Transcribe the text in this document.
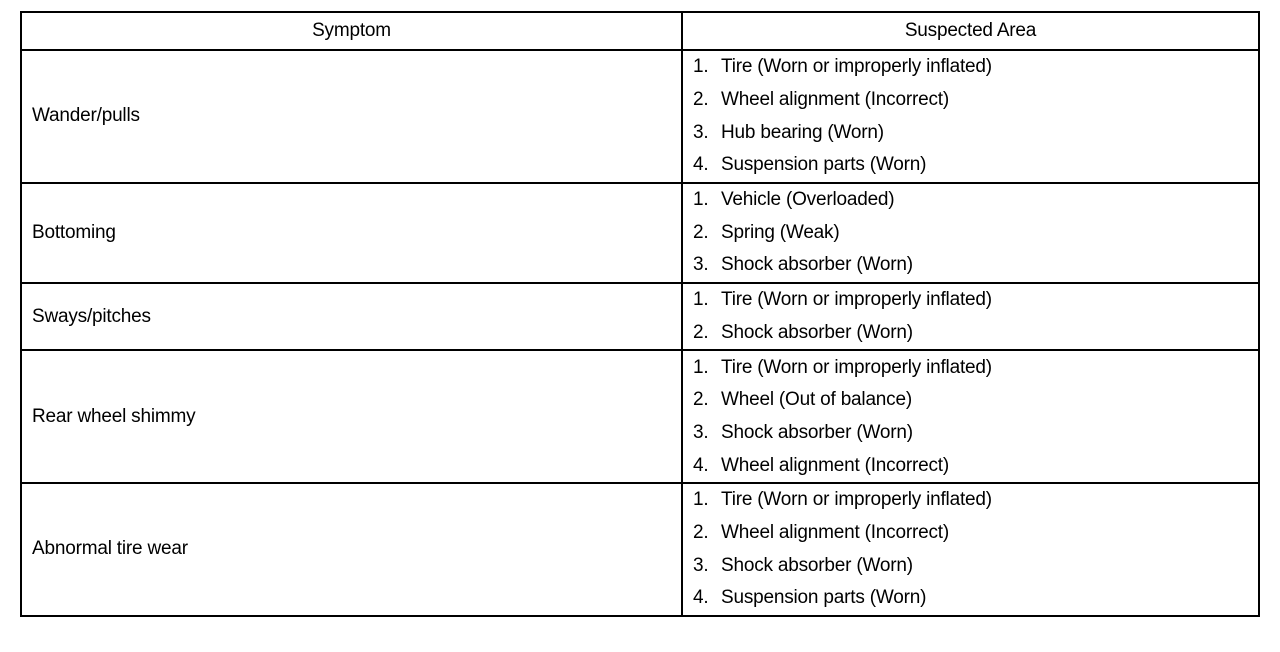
Symptom	Suspected Area
Wander/pulls
1. Tire (Worn or improperly inflated)
2. Wheel alignment (Incorrect)
3. Hub bearing (Worn)
4. Suspension parts (Worn)
Bottoming
1. Vehicle (Overloaded)
2. Spring (Weak)
3. Shock absorber (Worn)
Sways/pitches
1. Tire (Worn or improperly inflated)
2. Shock absorber (Worn)
Rear wheel shimmy
1. Tire (Worn or improperly inflated)
2. Wheel (Out of balance)
3. Shock absorber (Worn)
4. Wheel alignment (Incorrect)
Abnormal tire wear
1. Tire (Worn or improperly inflated)
2. Wheel alignment (Incorrect)
3. Shock absorber (Worn)
4. Suspension parts (Worn)
